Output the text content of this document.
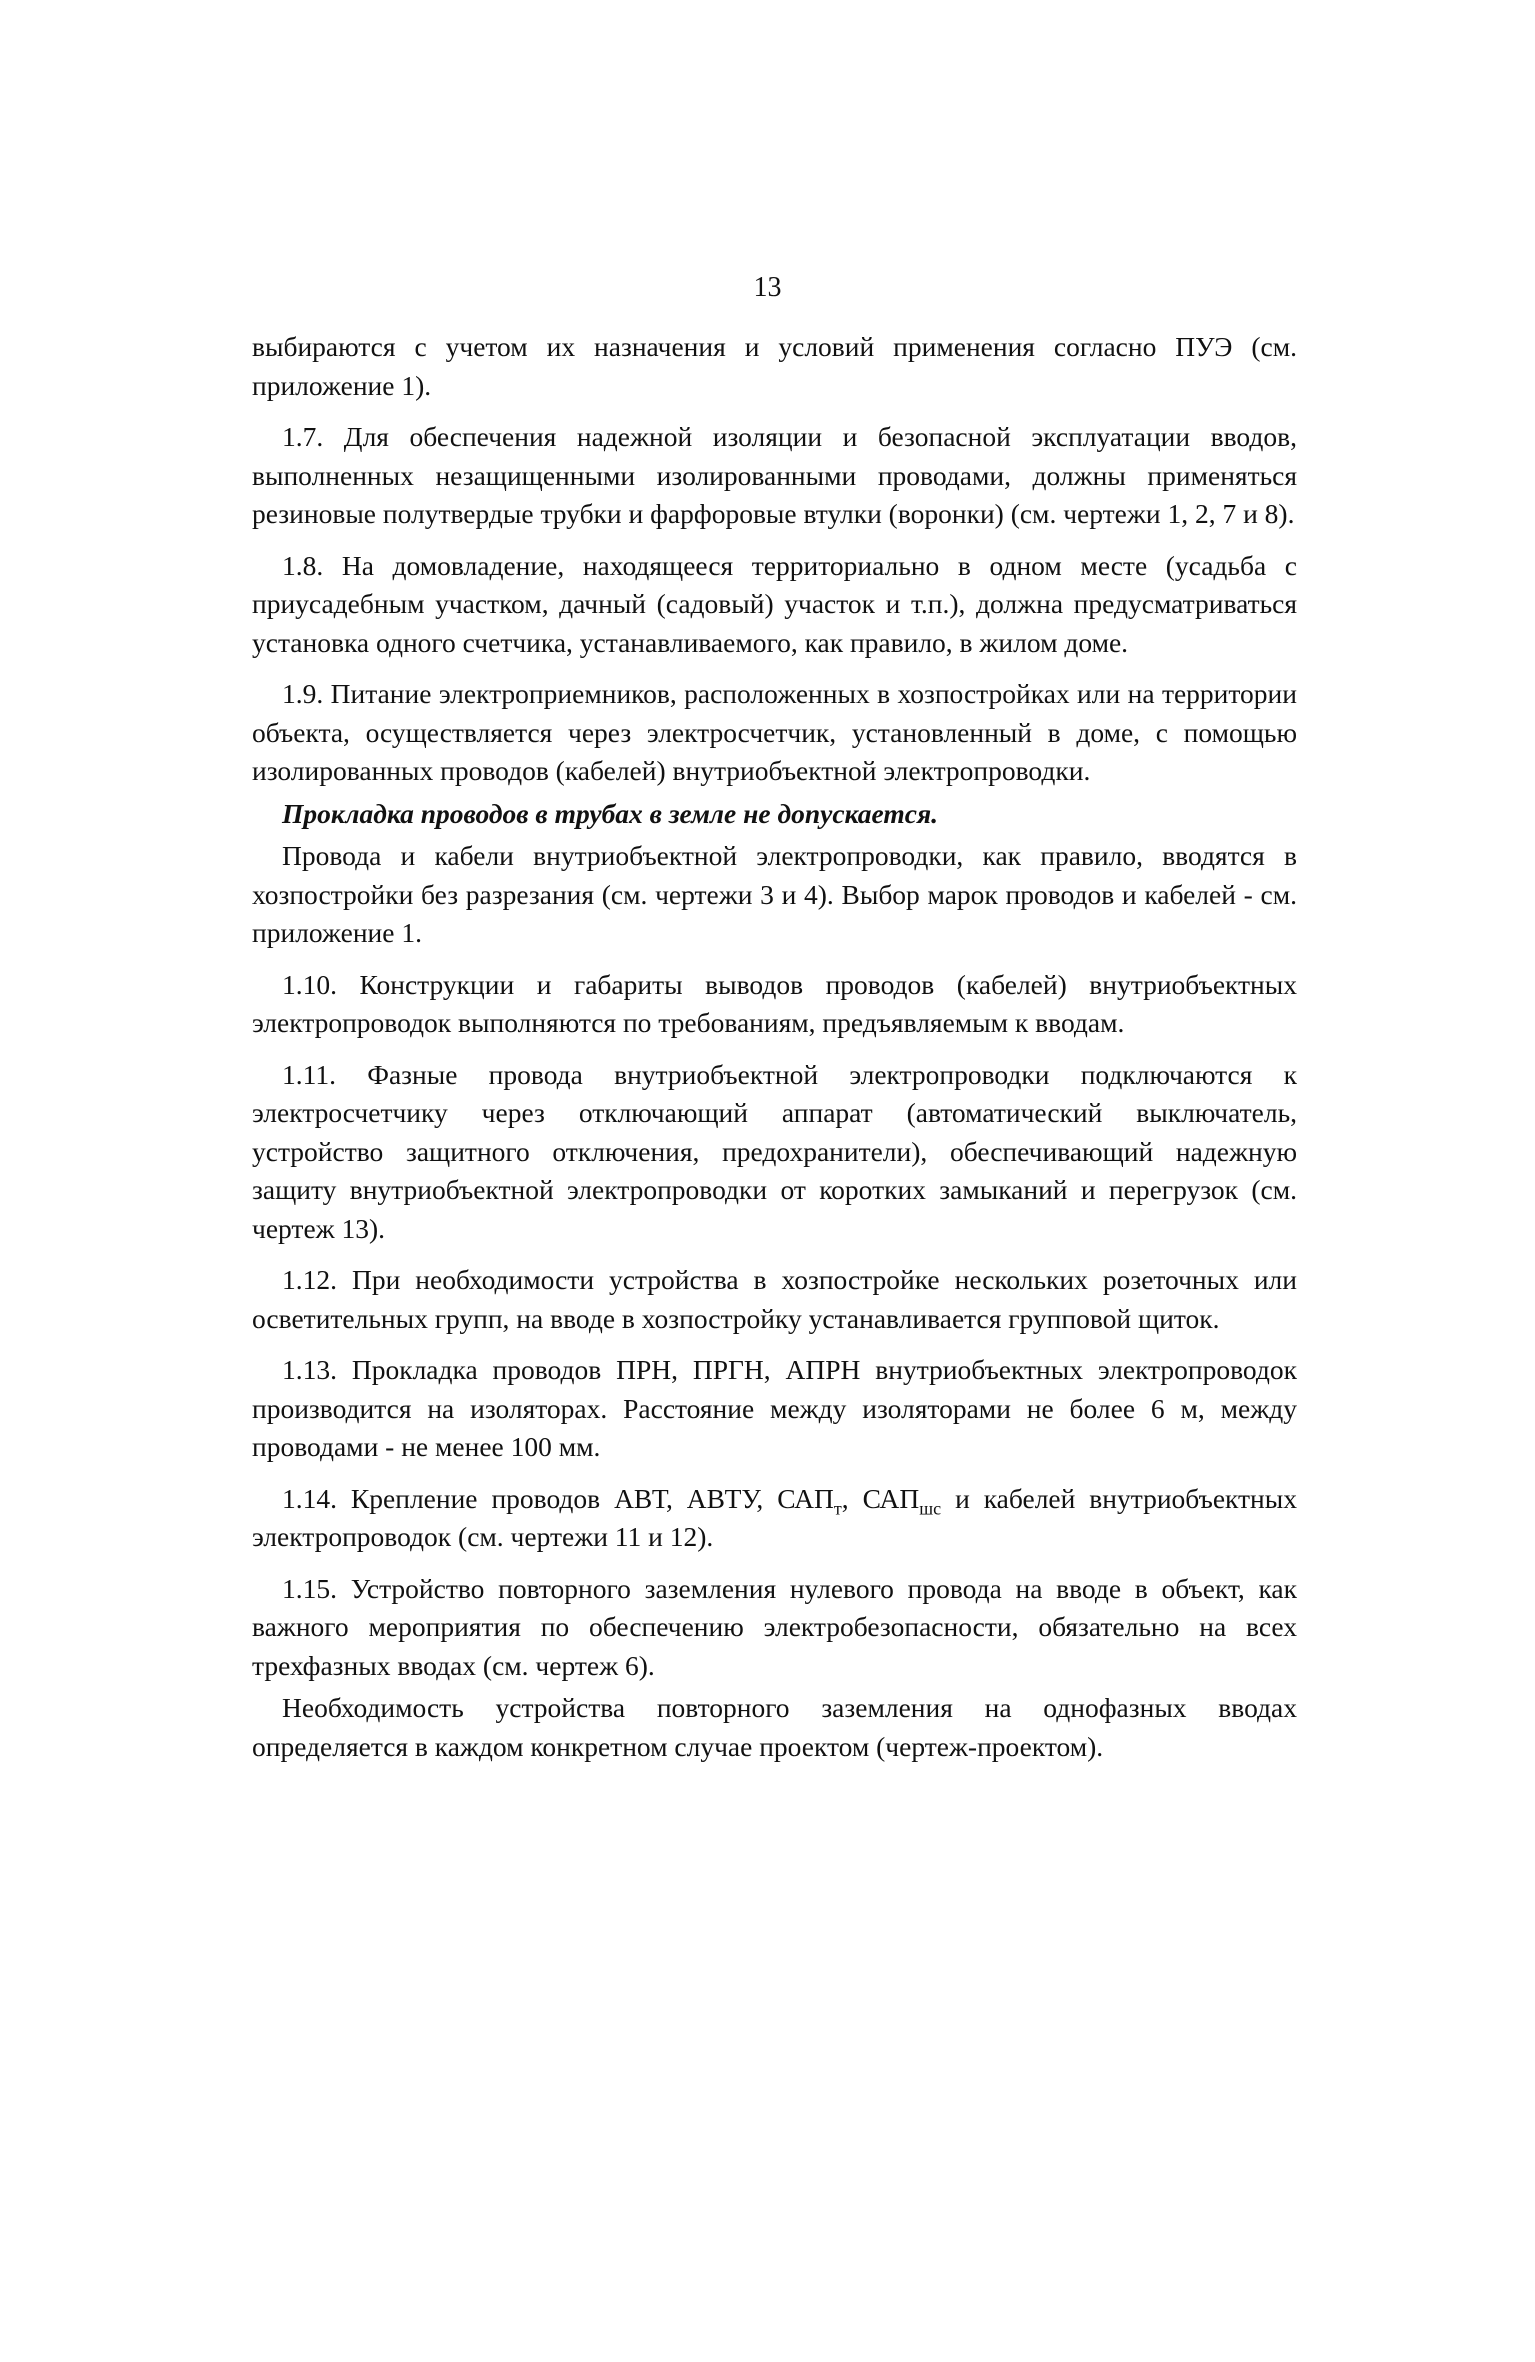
13

выбираются с учетом их назначения и условий применения согласно ПУЭ (см. приложение 1).

1.7. Для обеспечения надежной изоляции и безопасной эксплуатации вводов, выполненных незащищенными изолированными проводами, должны применяться резиновые полутвердые трубки и фарфоровые втулки (воронки) (см. чертежи 1, 2, 7 и 8).

1.8. На домовладение, находящееся территориально в одном месте (усадьба с приусадебным участком, дачный (садовый) участок и т.п.), должна предусматриваться установка одного счетчика, устанавливаемого, как правило, в жилом доме.

1.9. Питание электроприемников, расположенных в хозпостройках или на территории объекта, осуществляется через электросчетчик, установленный в доме, с помощью изолированных проводов (кабелей) внутриобъектной электропроводки.

Прокладка проводов в трубах в земле не допускается.

Провода и кабели внутриобъектной электропроводки, как правило, вводятся в хозпостройки без разрезания (см. чертежи 3 и 4). Выбор марок проводов и кабелей - см. приложение 1.

1.10. Конструкции и габариты выводов проводов (кабелей) внутриобъектных электропроводок выполняются по требованиям, предъявляемым к вводам.

1.11. Фазные провода внутриобъектной электропроводки подключаются к электросчетчику через отключающий аппарат (автоматический выключатель, устройство защитного отключения, предохранители), обеспечивающий надежную защиту внутриобъектной электропроводки от коротких замыканий и перегрузок (см. чертеж 13).

1.12. При необходимости устройства в хозпостройке нескольких розеточных или осветительных групп, на вводе в хозпостройку устанавливается групповой щиток.

1.13. Прокладка проводов ПРН, ПРГН, АПРН внутриобъектных электропроводок производится на изоляторах. Расстояние между изоляторами не более 6 м, между проводами - не менее 100 мм.

1.14. Крепление проводов АВТ, АВТУ, $САП_т$, $САП_{шс}$ и кабелей внутриобъектных электропроводок (см. чертежи 11 и 12).

1.15. Устройство повторного заземления нулевого провода на вводе в объект, как важного мероприятия по обеспечению электробезопасности, обязательно на всех трехфазных вводах (см. чертеж 6).

Необходимость устройства повторного заземления на однофазных вводах определяется в каждом конкретном случае проектом (чертеж-проектом).
